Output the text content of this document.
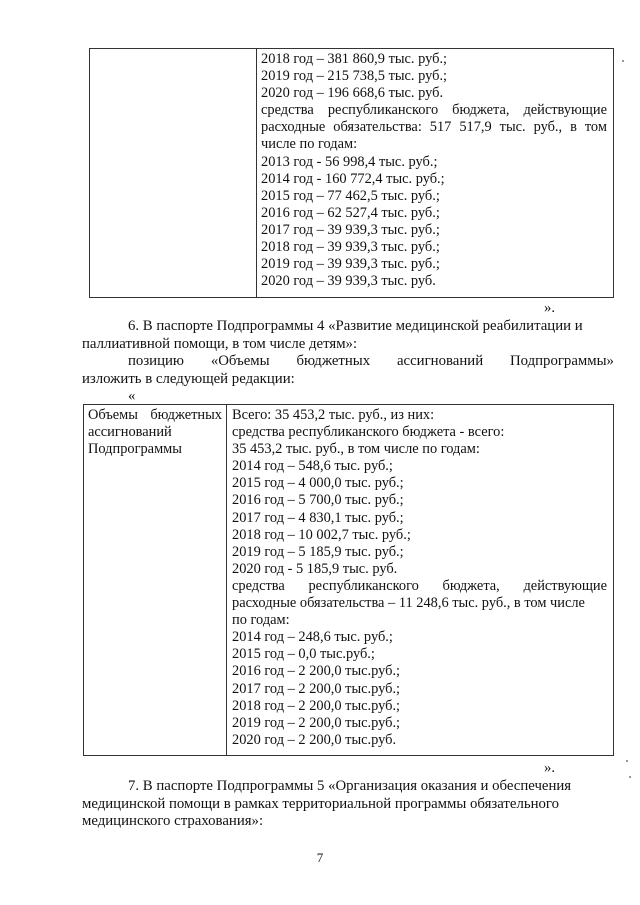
2018 год – 381 860,9 тыс. руб.;
2019 год – 215 738,5 тыс. руб.;
2020 год – 196 668,6 тыс. руб.
средства республиканского бюджета, действующие
расходные обязательства: 517 517,9 тыс. руб., в том
числе по годам:
2013 год - 56 998,4 тыс. руб.;
2014 год - 160 772,4 тыс. руб.;
2015 год – 77 462,5 тыс. руб.;
2016 год – 62 527,4 тыс. руб.;
2017 год – 39 939,3 тыс. руб.;
2018 год – 39 939,3 тыс. руб.;
2019 год – 39 939,3 тыс. руб.;
2020 год – 39 939,3 тыс. руб.
».
6. В паспорте Подпрограммы 4 «Развитие медицинской реабилитации и
паллиативной помощи, в том числе детям»:
позицию «Объемы бюджетных ассигнований Подпрограммы»
изложить в следующей редакции:
«
Объемы бюджетных
ассигнований
Подпрограммы
Всего: 35 453,2 тыс. руб., из них:
средства республиканского бюджета - всего:
35 453,2 тыс. руб., в том числе по годам:
2014 год – 548,6 тыс. руб.;
2015 год – 4 000,0 тыс. руб.;
2016 год – 5 700,0 тыс. руб.;
2017 год – 4 830,1 тыс. руб.;
2018 год – 10 002,7 тыс. руб.;
2019 год – 5 185,9 тыс. руб.;
2020 год - 5 185,9 тыс. руб.
средства республиканского бюджета, действующие
расходные обязательства – 11 248,6 тыс. руб., в том числе
по годам:
2014 год – 248,6 тыс. руб.;
2015 год – 0,0 тыс.руб.;
2016 год – 2 200,0 тыс.руб.;
2017 год – 2 200,0 тыс.руб.;
2018 год – 2 200,0 тыс.руб.;
2019 год – 2 200,0 тыс.руб.;
2020 год – 2 200,0 тыс.руб.
».
7. В паспорте Подпрограммы 5 «Организация оказания и обеспечения
медицинской помощи в рамках территориальной программы обязательного
медицинского страхования»:
7
